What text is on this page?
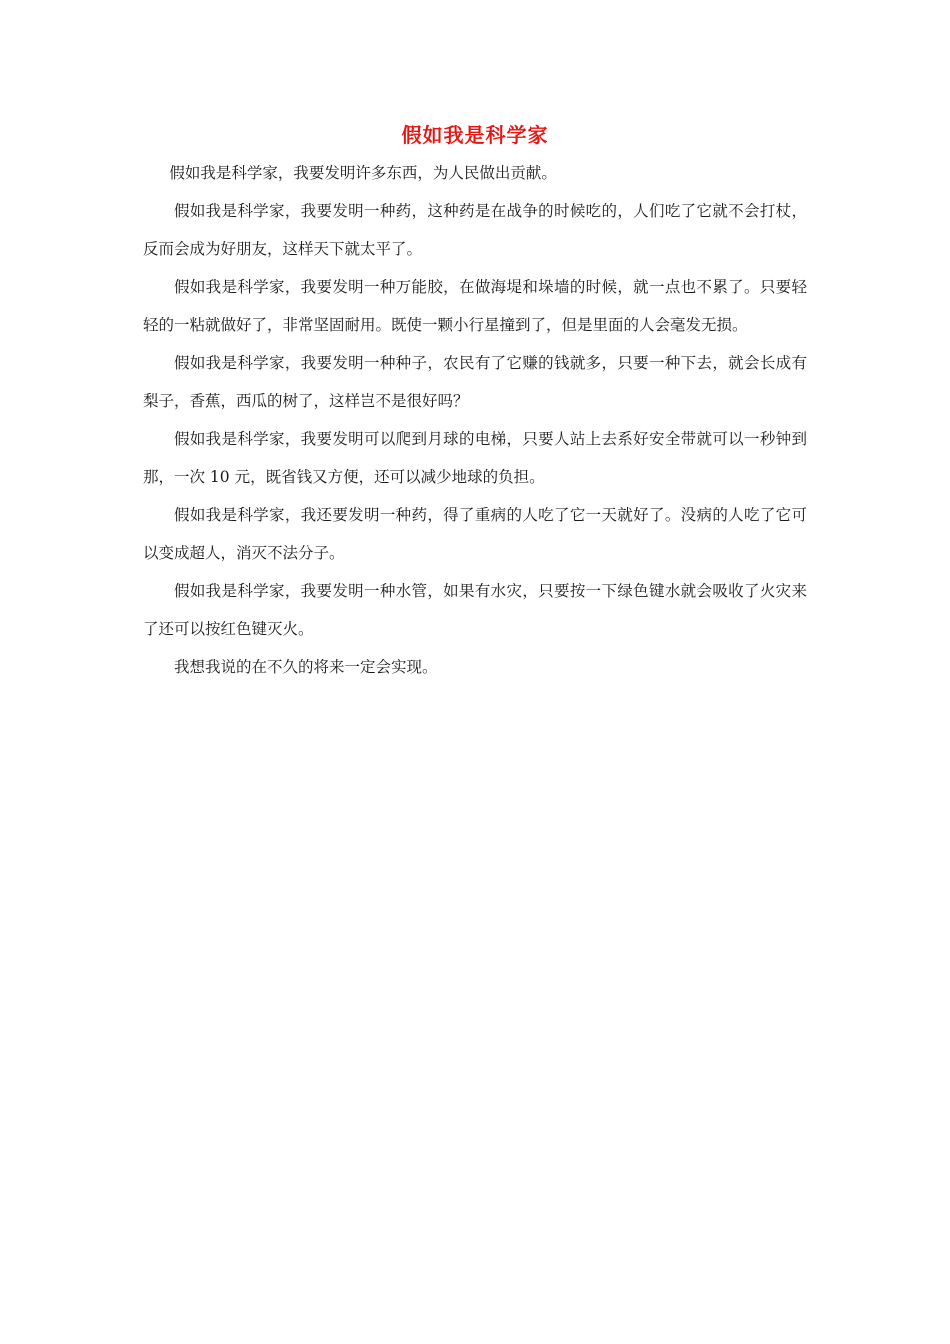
假如我是科学家

假如我是科学家，我要发明许多东西，为人民做出贡献。

假如我是科学家，我要发明一种药，这种药是在战争的时候吃的，人们吃了它就不会打杖，反而会成为好朋友，这样天下就太平了。

假如我是科学家，我要发明一种万能胶，在做海堤和垛墙的时候，就一点也不累了。只要轻轻的一粘就做好了，非常坚固耐用。既使一颗小行星撞到了，但是里面的人会毫发无损。

假如我是科学家，我要发明一种种子，农民有了它赚的钱就多，只要一种下去，就会长成有梨子，香蕉，西瓜的树了，这样岂不是很好吗？

假如我是科学家，我要发明可以爬到月球的电梯，只要人站上去系好安全带就可以一秒钟到那，一次 10 元，既省钱又方便，还可以减少地球的负担。

假如我是科学家，我还要发明一种药，得了重病的人吃了它一天就好了。没病的人吃了它可以变成超人，消灭不法分子。

假如我是科学家，我要发明一种水管，如果有水灾，只要按一下绿色键水就会吸收了火灾来了还可以按红色键灭火。

我想我说的在不久的将来一定会实现。
